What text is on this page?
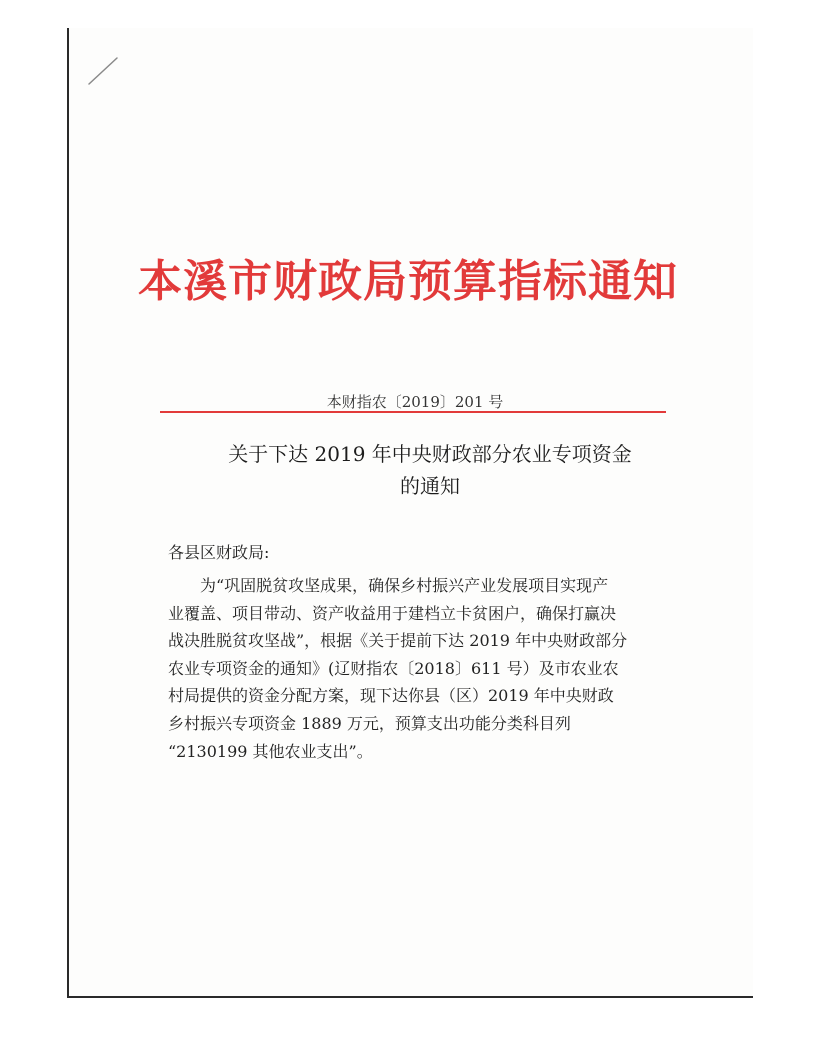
本溪市财政局预算指标通知
本财指农〔2019〕201 号
关于下达 2019 年中央财政部分农业专项资金
的通知
各县区财政局:
为“巩固脱贫攻坚成果，确保乡村振兴产业发展项目实现产
业覆盖、项目带动、资产收益用于建档立卡贫困户，确保打赢决
战决胜脱贫攻坚战”，根据《关于提前下达 2019 年中央财政部分
农业专项资金的通知》(辽财指农〔2018〕611 号）及市农业农
村局提供的资金分配方案，现下达你县（区）2019 年中央财政
乡村振兴专项资金 1889 万元，预算支出功能分类科目列
“2130199 其他农业支出”。
